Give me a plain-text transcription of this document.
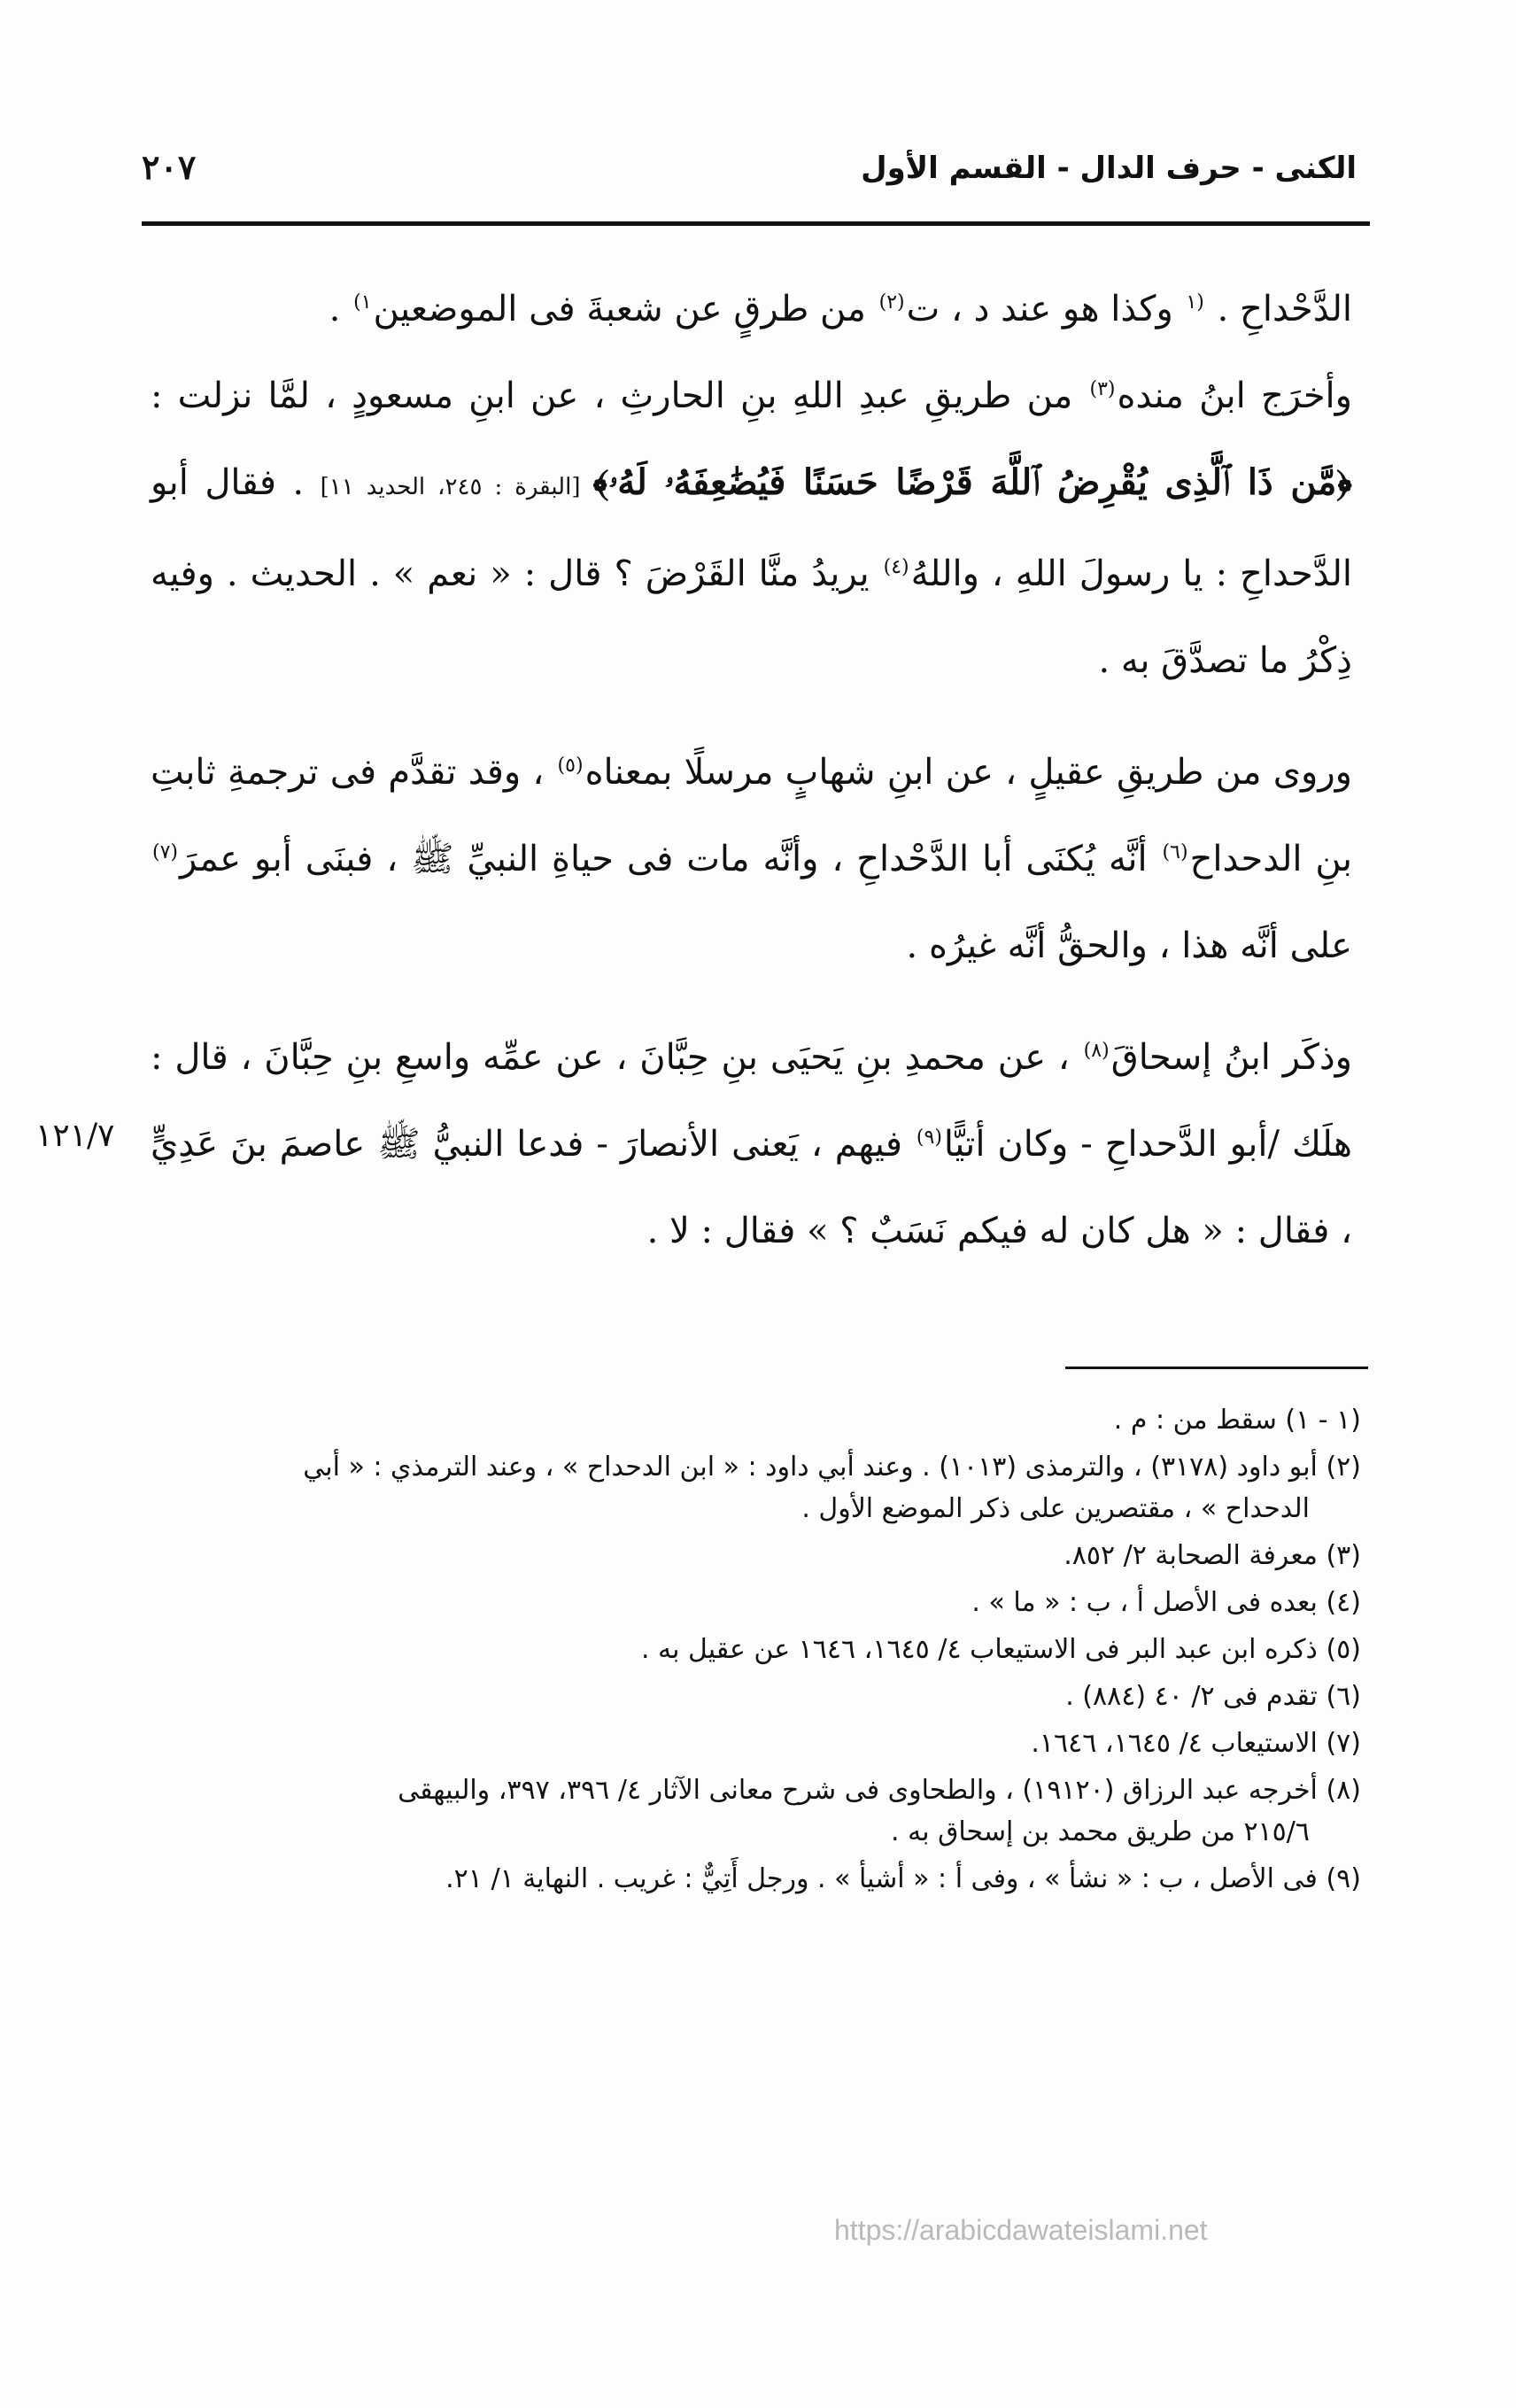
الكنى - حرف الدال - القسم الأول
٢٠٧

الدَّحْداحِ . $^{(١}$ وكذا هو عند د ، ت$^{(٢)}$ من طرقٍ عن شعبةَ فى الموضعين$^{١)}$ .

وأخرَج ابنُ منده$^{(٣)}$ من طريقِ عبدِ اللهِ بنِ الحارثِ ، عن ابنِ مسعودٍ ، لمَّا نزلت : ﴿مَّن ذَا ٱلَّذِى يُقْرِضُ ٱللَّهَ قَرْضًا حَسَنًا فَيُضَٰعِفَهُۥ لَهُۥ﴾ [البقرة : ٢٤٥، الحديد ١١] . فقال أبو الدَّحداحِ : يا رسولَ اللهِ ، واللهُ$^{(٤)}$ يريدُ منَّا القَرْضَ ؟ قال : « نعم » . الحديث . وفيه ذِكْرُ ما تصدَّقَ به .

وروى من طريقِ عقيلٍ ، عن ابنِ شهابٍ مرسلًا بمعناه$^{(٥)}$ ، وقد تقدَّم فى ترجمةِ ثابتِ بنِ الدحداح$^{(٦)}$ أنَّه يُكنَى أبا الدَّحْداحِ ، وأنَّه مات فى حياةِ النبيِّ ﷺ ، فبنَى أبو عمرَ$^{(٧)}$ على أنَّه هذا ، والحقُّ أنَّه غيرُه .

وذكَر ابنُ إسحاقَ$^{(٨)}$ ، عن محمدِ بنِ يَحيَى بنِ حِبَّانَ ، عن عمِّه واسعِ بنِ حِبَّانَ ، قال : هلَك /أبو الدَّحداحِ - وكان أتيًّا$^{(٩)}$ فيهم ، يَعنى الأنصارَ - فدعا النبيُّ ﷺ عاصمَ بنَ عَدِيٍّ ، فقال : « هل كان له فيكم نَسَبٌ ؟ » فقال : لا .

١٢١/٧
(١ - ١) سقط من : م .
(٢) أبو داود (٣١٧٨) ، والترمذى (١٠١٣) . وعند أبي داود : « ابن الدحداح » ، وعند الترمذي : « أبي
الدحداح » ، مقتصرين على ذكر الموضع الأول .
(٣) معرفة الصحابة ٢/ ٨٥٢.
(٤) بعده فى الأصل أ ، ب : « ما » .
(٥) ذكره ابن عبد البر فى الاستيعاب ٤/ ١٦٤٥، ١٦٤٦ عن عقيل به .
(٦) تقدم فى ٢/ ٤٠ (٨٨٤) .
(٧) الاستيعاب ٤/ ١٦٤٥، ١٦٤٦.
(٨) أخرجه عبد الرزاق (١٩١٢٠) ، والطحاوى فى شرح معانى الآثار ٤/ ٣٩٦، ٣٩٧، والبيهقى
٢١٥/٦ من طريق محمد بن إسحاق به .
(٩) فى الأصل ، ب : « نشأ » ، وفى أ : « أشيأ » . ورجل أَتِيٌّ : غريب . النهاية ١/ ٢١.
https://arabicdawateislami.net
